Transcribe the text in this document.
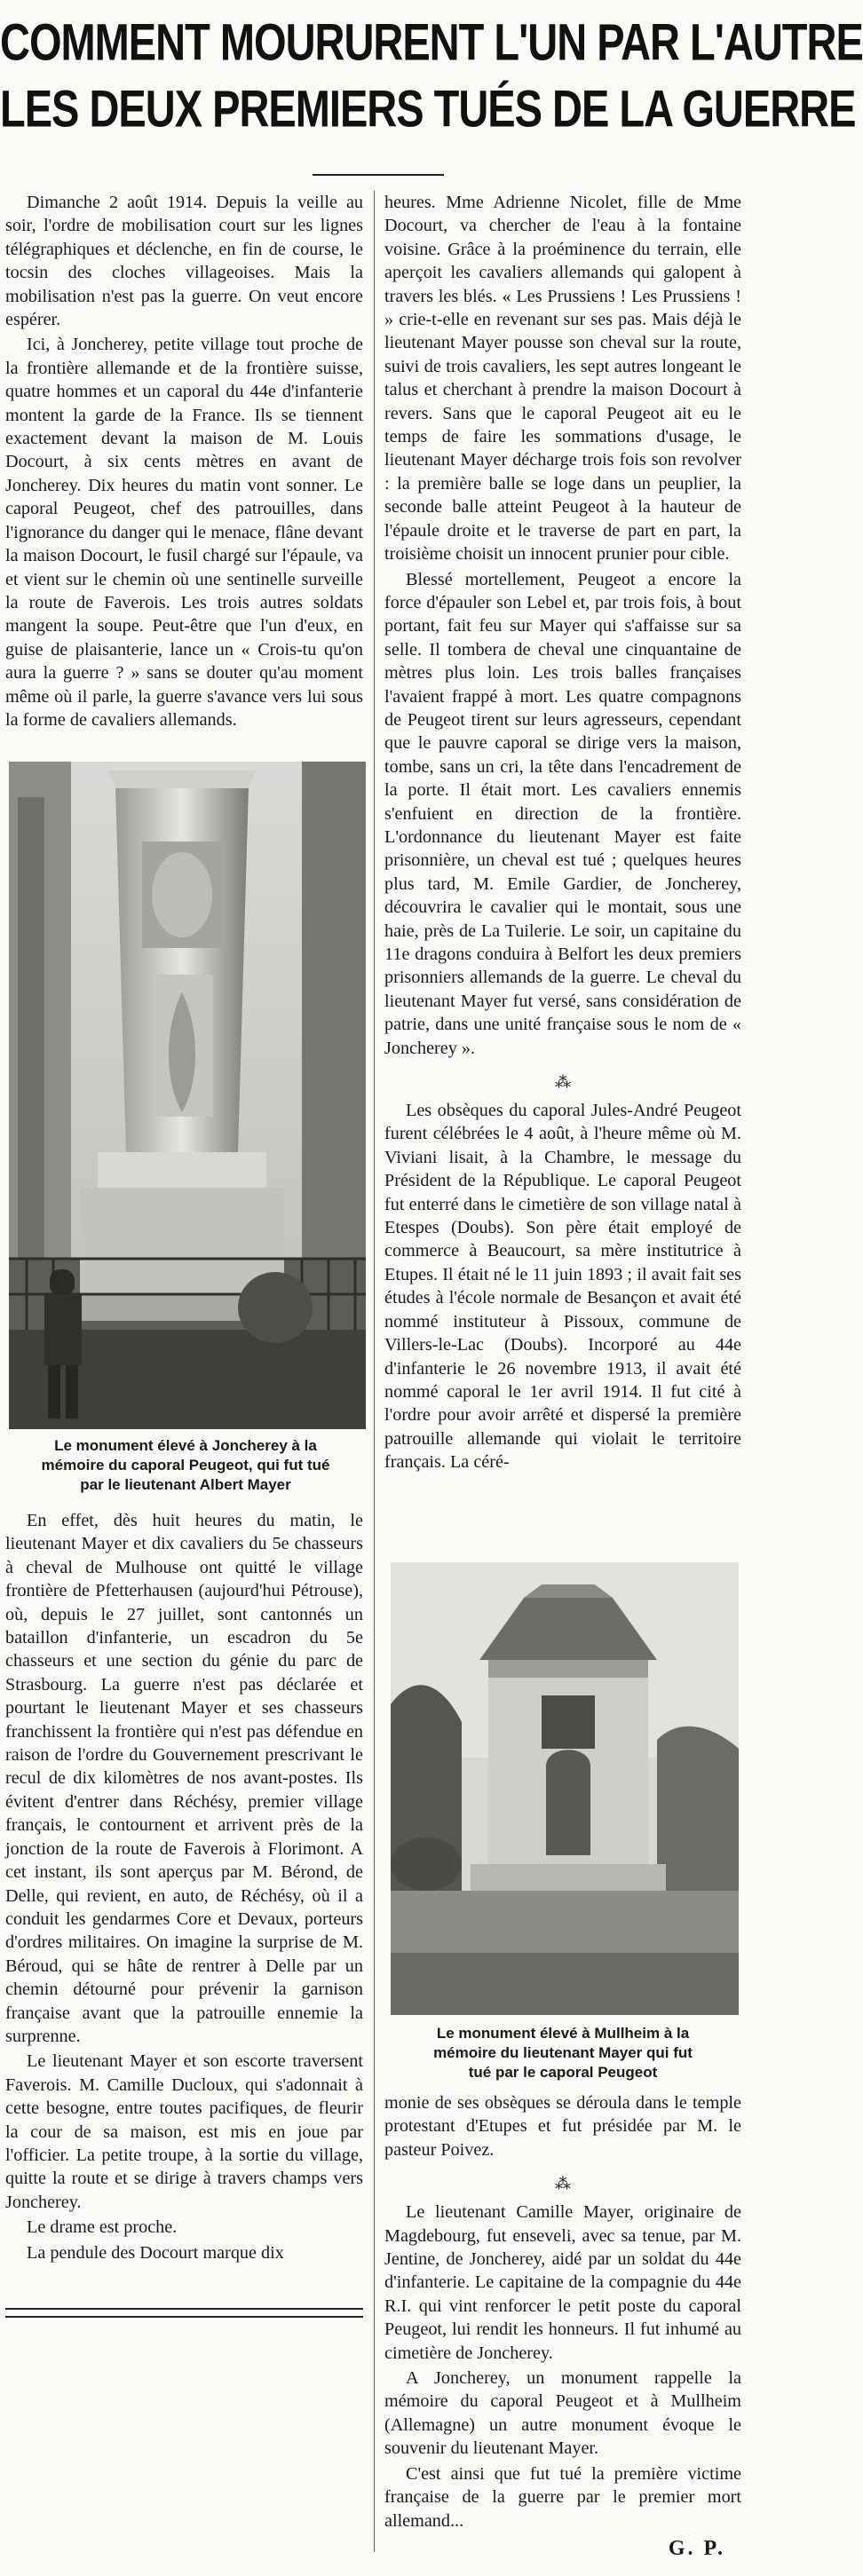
COMMENT MOURURENT L'UN PAR L'AUTRE
LES DEUX PREMIERS TUÉS DE LA GUERRE

Dimanche 2 août 1914. Depuis la veille au soir, l'ordre de mobilisation court sur les lignes télégraphiques et déclenche, en fin de course, le tocsin des cloches villageoises. Mais la mobilisation n'est pas la guerre. On veut encore espérer.

Ici, à Joncherey, petite village tout proche de la frontière allemande et de la frontière suisse, quatre hommes et un caporal du 44e d'infanterie montent la garde de la France. Ils se tiennent exactement devant la maison de M. Louis Docourt, à six cents mètres en avant de Joncherey. Dix heures du matin vont sonner. Le caporal Peugeot, chef des patrouilles, dans l'ignorance du danger qui le menace, flâne devant la maison Docourt, le fusil chargé sur l'épaule, va et vient sur le chemin où une sentinelle surveille la route de Faverois. Les trois autres soldats mangent la soupe. Peut-être que l'un d'eux, en guise de plaisanterie, lance un « Crois-tu qu'on aura la guerre ? » sans se douter qu'au moment même où il parle, la guerre s'avance vers lui sous la forme de cavaliers allemands.

Le monument élevé à Joncherey à la
mémoire du caporal Peugeot, qui fut tué
par le lieutenant Albert Mayer

En effet, dès huit heures du matin, le lieutenant Mayer et dix cavaliers du 5e chasseurs à cheval de Mulhouse ont quitté le village frontière de Pfetterhausen (aujourd'hui Pétrouse), où, depuis le 27 juillet, sont cantonnés un bataillon d'infanterie, un escadron du 5e chasseurs et une section du génie du parc de Strasbourg. La guerre n'est pas déclarée et pourtant le lieutenant Mayer et ses chasseurs franchissent la frontière qui n'est pas défendue en raison de l'ordre du Gouvernement prescrivant le recul de dix kilomètres de nos avant-postes. Ils évitent d'entrer dans Réchésy, premier village français, le contournent et arrivent près de la jonction de la route de Faverois à Florimont. A cet instant, ils sont aperçus par M. Bérond, de Delle, qui revient, en auto, de Réchésy, où il a conduit les gendarmes Core et Devaux, porteurs d'ordres militaires. On imagine la surprise de M. Béroud, qui se hâte de rentrer à Delle par un chemin détourné pour prévenir la garnison française avant que la patrouille ennemie la surprenne.

Le lieutenant Mayer et son escorte traversent Faverois. M. Camille Ducloux, qui s'adonnait à cette besogne, entre toutes pacifiques, de fleurir la cour de sa maison, est mis en joue par l'officier. La petite troupe, à la sortie du village, quitte la route et se dirige à travers champs vers Joncherey.

Le drame est proche.

La pendule des Docourt marque dix

heures. Mme Adrienne Nicolet, fille de Mme Docourt, va chercher de l'eau à la fontaine voisine. Grâce à la proéminence du terrain, elle aperçoit les cavaliers allemands qui galopent à travers les blés. « Les Prussiens ! Les Prussiens ! » crie-t-elle en revenant sur ses pas. Mais déjà le lieutenant Mayer pousse son cheval sur la route, suivi de trois cavaliers, les sept autres longeant le talus et cherchant à prendre la maison Docourt à revers. Sans que le caporal Peugeot ait eu le temps de faire les sommations d'usage, le lieutenant Mayer décharge trois fois son revolver : la première balle se loge dans un peuplier, la seconde balle atteint Peugeot à la hauteur de l'épaule droite et le traverse de part en part, la troisième choisit un innocent prunier pour cible.

Blessé mortellement, Peugeot a encore la force d'épauler son Lebel et, par trois fois, à bout portant, fait feu sur Mayer qui s'affaisse sur sa selle. Il tombera de cheval une cinquantaine de mètres plus loin. Les trois balles françaises l'avaient frappé à mort. Les quatre compagnons de Peugeot tirent sur leurs agresseurs, cependant que le pauvre caporal se dirige vers la maison, tombe, sans un cri, la tête dans l'encadrement de la porte. Il était mort. Les cavaliers ennemis s'enfuient en direction de la frontière. L'ordonnance du lieutenant Mayer est faite prisonnière, un cheval est tué ; quelques heures plus tard, M. Emile Gardier, de Joncherey, découvrira le cavalier qui le montait, sous une haie, près de La Tuilerie. Le soir, un capitaine du 11e dragons conduira à Belfort les deux premiers prisonniers allemands de la guerre. Le cheval du lieutenant Mayer fut versé, sans considération de patrie, dans une unité française sous le nom de « Joncherey ».

⁂

Les obsèques du caporal Jules-André Peugeot furent célébrées le 4 août, à l'heure même où M. Viviani lisait, à la Chambre, le message du Président de la République. Le caporal Peugeot fut enterré dans le cimetière de son village natal à Etespes (Doubs). Son père était employé de commerce à Beaucourt, sa mère institutrice à Etupes. Il était né le 11 juin 1893 ; il avait fait ses études à l'école normale de Besançon et avait été nommé instituteur à Pissoux, commune de Villers-le-Lac (Doubs). Incorporé au 44e d'infanterie le 26 novembre 1913, il avait été nommé caporal le 1er avril 1914. Il fut cité à l'ordre pour avoir arrêté et dispersé la première patrouille allemande qui violait le territoire français. La céré-

Le monument élevé à Mullheim à la
mémoire du lieutenant Mayer qui fut
tué par le caporal Peugeot

monie de ses obsèques se déroula dans le temple protestant d'Etupes et fut présidée par M. le pasteur Poivez.

⁂

Le lieutenant Camille Mayer, originaire de Magdebourg, fut enseveli, avec sa tenue, par M. Jentine, de Joncherey, aidé par un soldat du 44e d'infanterie. Le capitaine de la compagnie du 44e R.I. qui vint renforcer le petit poste du caporal Peugeot, lui rendit les honneurs. Il fut inhumé au cimetière de Joncherey.

A Joncherey, un monument rappelle la mémoire du caporal Peugeot et à Mullheim (Allemagne) un autre monument évoque le souvenir du lieutenant Mayer.

C'est ainsi que fut tué la première victime française de la guerre par le premier mort allemand...

G. P.
